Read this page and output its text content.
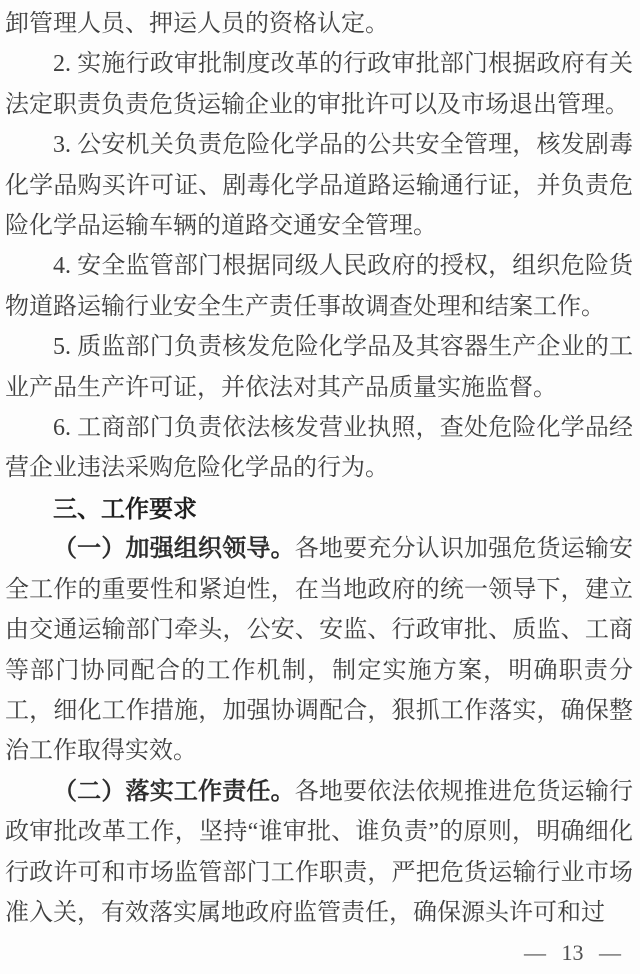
卸管理人员、押运人员的资格认定。

2. 实施行政审批制度改革的行政审批部门根据政府有关法定职责负责危货运输企业的审批许可以及市场退出管理。

3. 公安机关负责危险化学品的公共安全管理，核发剧毒化学品购买许可证、剧毒化学品道路运输通行证，并负责危险化学品运输车辆的道路交通安全管理。

4. 安全监管部门根据同级人民政府的授权，组织危险货物道路运输行业安全生产责任事故调查处理和结案工作。

5. 质监部门负责核发危险化学品及其容器生产企业的工业产品生产许可证，并依法对其产品质量实施监督。

6. 工商部门负责依法核发营业执照，查处危险化学品经营企业违法采购危险化学品的行为。

三、工作要求

（一）加强组织领导。各地要充分认识加强危货运输安全工作的重要性和紧迫性，在当地政府的统一领导下，建立由交通运输部门牵头，公安、安监、行政审批、质监、工商等部门协同配合的工作机制，制定实施方案，明确职责分工，细化工作措施，加强协调配合，狠抓工作落实，确保整治工作取得实效。

（二）落实工作责任。各地要依法依规推进危货运输行政审批改革工作，坚持“谁审批、谁负责”的原则，明确细化行政许可和市场监管部门工作职责，严把危货运输行业市场准入关，有效落实属地政府监管责任，确保源头许可和过

— 13 —
